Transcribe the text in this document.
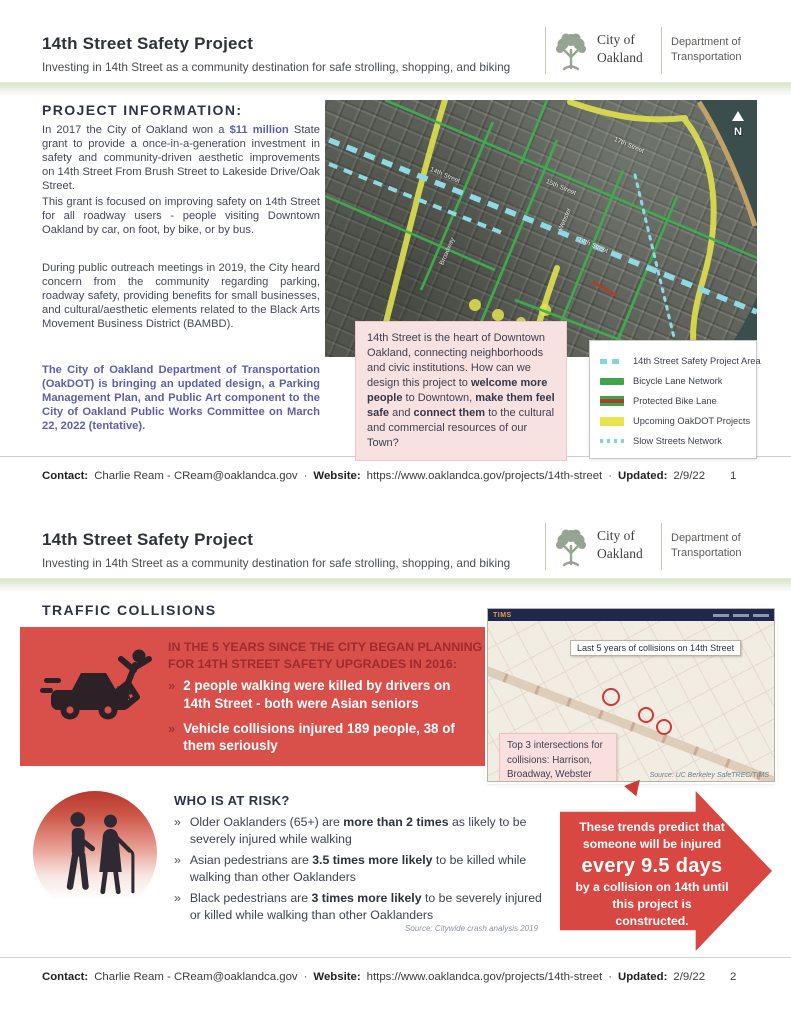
14th Street Safety Project
Investing in 14th Street as a community destination for safe strolling, shopping, and biking
City of
Oakland
Department of
Transportation
PROJECT INFORMATION:

In 2017 the City of Oakland won a $11 million State grant to provide a once-in-a-generation investment in safety and community-driven aesthetic improvements on 14th Street From Brush Street to Lakeside Drive/Oak Street.

This grant is focused on improving safety on 14th Street for all roadway users - people visiting Downtown Oakland by car, on foot, by bike, or by bus.

During public outreach meetings in 2019, the City heard concern from the community regarding parking, roadway safety, providing benefits for small businesses, and cultural/aesthetic elements related to the Black Arts Movement Business District (BAMBD).

The City of Oakland Department of Transportation (OakDOT) is bringing an updated design, a Parking Management Plan, and Public Art component to the City of Oakland Public Works Committee on March 22, 2022 (tentative).

14th Street
14th Street
15th Street
17th Street
Broadway
Webster
N
14th Street is the heart of Downtown Oakland, connecting neighborhoods and civic institutions. How can we design this project to welcome more people to Downtown, make them feel safe and connect them to the cultural and commercial resources of our Town?
14th Street Safety Project Area
Bicycle Lane Network
Protected Bike Lane
Upcoming OakDOT Projects
Slow Streets Network
Contact: Charlie Ream - CReam@oaklandca.gov · Website: https://www.oaklandca.gov/projects/14th-street · Updated: 2/9/22 1
14th Street Safety Project
Investing in 14th Street as a community destination for safe strolling, shopping, and biking
City of
Oakland
Department of
Transportation
TRAFFIC COLLISIONS
IN THE 5 YEARS SINCE THE CITY BEGAN PLANNING FOR 14TH STREET SAFETY UPGRADES IN 2016:
» 2 people walking were killed by drivers on 14th Street - both were Asian seniors
» Vehicle collisions injured 189 people, 38 of them seriously
TIMS
Last 5 years of collisions on 14th Street
Top 3 intersections for collisions: Harrison, Broadway, Webster	Source: UC Berkeley SafeTREC/TIMS
WHO IS AT RISK?
» Older Oaklanders (65+) are more than 2 times as likely to be severely injured while walking
» Asian pedestrians are 3.5 times more likely to be killed while walking than other Oaklanders
» Black pedestrians are 3 times more likely to be severely injured or killed while walking than other Oaklanders
Source: Citywide crash analysis 2019
These trends predict that someone will be injured
every 9.5 days
by a collision on 14th until this project is constructed.
Contact: Charlie Ream - CReam@oaklandca.gov · Website: https://www.oaklandca.gov/projects/14th-street · Updated: 2/9/22 2
